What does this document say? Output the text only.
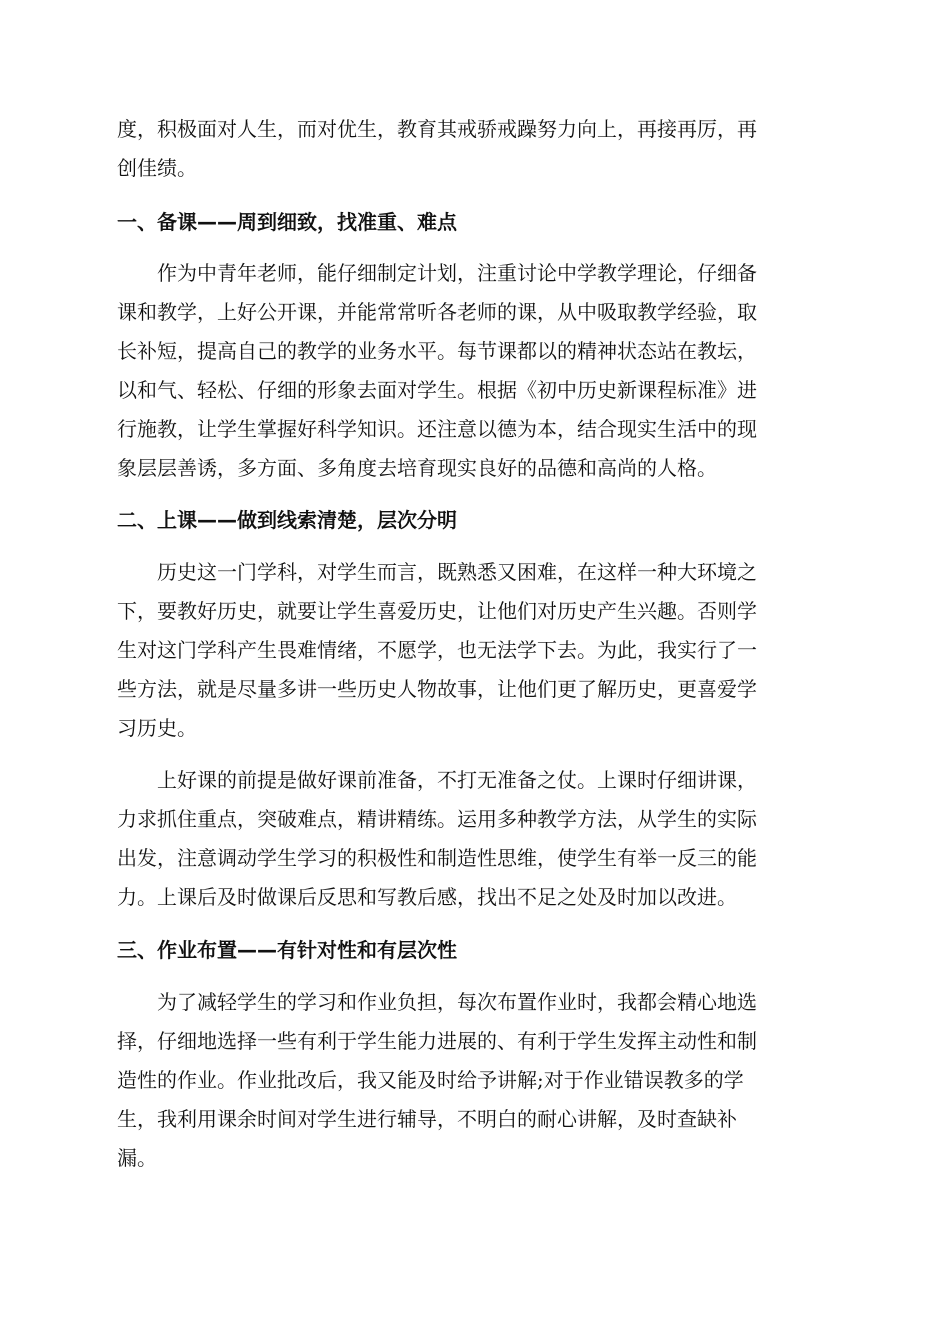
度，积极面对人生，而对优生，教育其戒骄戒躁努力向上，再接再厉，再
创佳绩。
一、备课——周到细致，找准重、难点
　　作为中青年老师，能仔细制定计划，注重讨论中学教学理论，仔细备
课和教学，上好公开课，并能常常听各老师的课，从中吸取教学经验，取
长补短，提高自己的教学的业务水平。每节课都以的精神状态站在教坛，
以和气、轻松、仔细的形象去面对学生。根据《初中历史新课程标准》进
行施教，让学生掌握好科学知识。还注意以德为本，结合现实生活中的现
象层层善诱，多方面、多角度去培育现实良好的品德和高尚的人格。
二、上课——做到线索清楚，层次分明
　　历史这一门学科，对学生而言，既熟悉又困难，在这样一种大环境之
下，要教好历史，就要让学生喜爱历史，让他们对历史产生兴趣。否则学
生对这门学科产生畏难情绪，不愿学，也无法学下去。为此，我实行了一
些方法，就是尽量多讲一些历史人物故事，让他们更了解历史，更喜爱学
习历史。
　　上好课的前提是做好课前准备，不打无准备之仗。上课时仔细讲课，
力求抓住重点，突破难点，精讲精练。运用多种教学方法，从学生的实际
出发，注意调动学生学习的积极性和制造性思维，使学生有举一反三的能
力。上课后及时做课后反思和写教后感，找出不足之处及时加以改进。
三、作业布置——有针对性和有层次性
　　为了减轻学生的学习和作业负担，每次布置作业时，我都会精心地选
择，仔细地选择一些有利于学生能力进展的、有利于学生发挥主动性和制
造性的作业。作业批改后，我又能及时给予讲解;对于作业错误教多的学
生，我利用课余时间对学生进行辅导，不明白的耐心讲解，及时查缺补
漏。
